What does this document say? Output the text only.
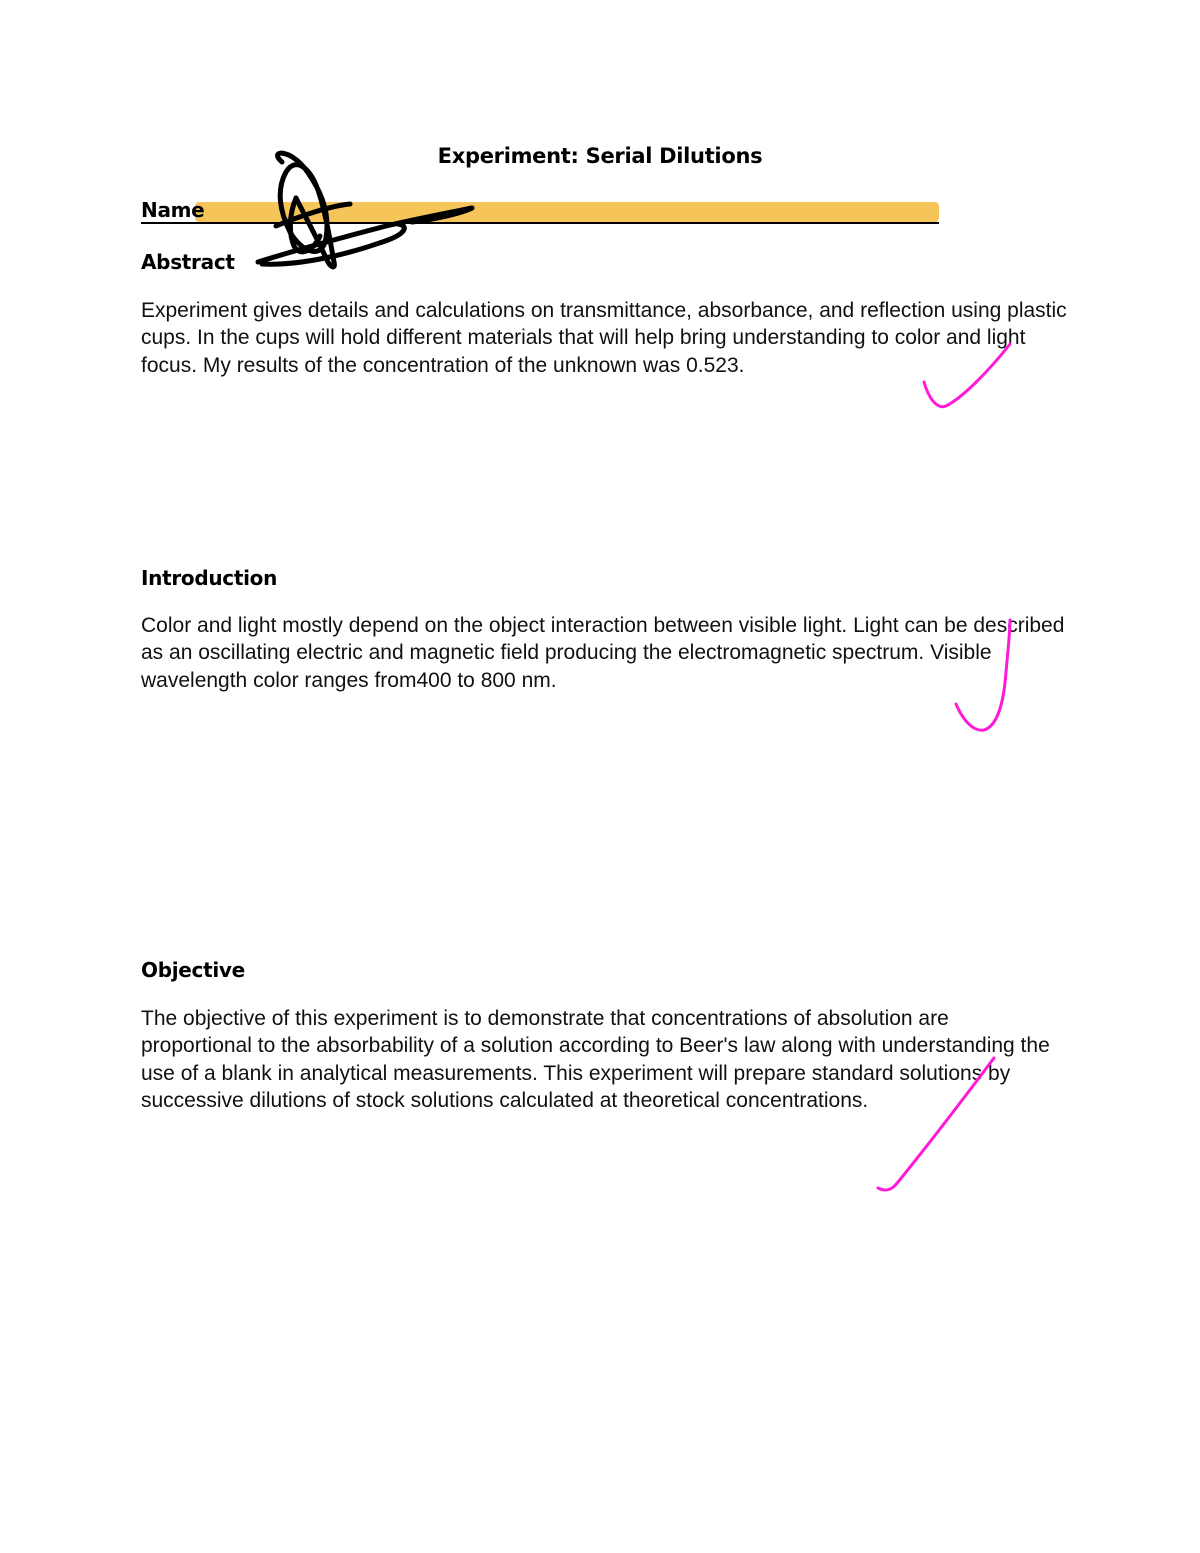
Experiment: Serial Dilutions
Name
Abstract
Experiment gives details and calculations on transmittance, absorbance, and reflection using plastic cups. In the cups will hold different materials that will help bring understanding to color and light focus. My results of the concentration of the unknown was 0.523.
Introduction
Color and light mostly depend on the object interaction between visible light. Light can be described as an oscillating electric and magnetic field producing the electromagnetic spectrum. Visible wavelength color ranges from400 to 800 nm.
Objective
The objective of this experiment is to demonstrate that concentrations of absolution are proportional to the absorbability of a solution according to Beer's law along with understanding the use of a blank in analytical measurements. This experiment will prepare standard solutions by successive dilutions of stock solutions calculated at theoretical concentrations.
